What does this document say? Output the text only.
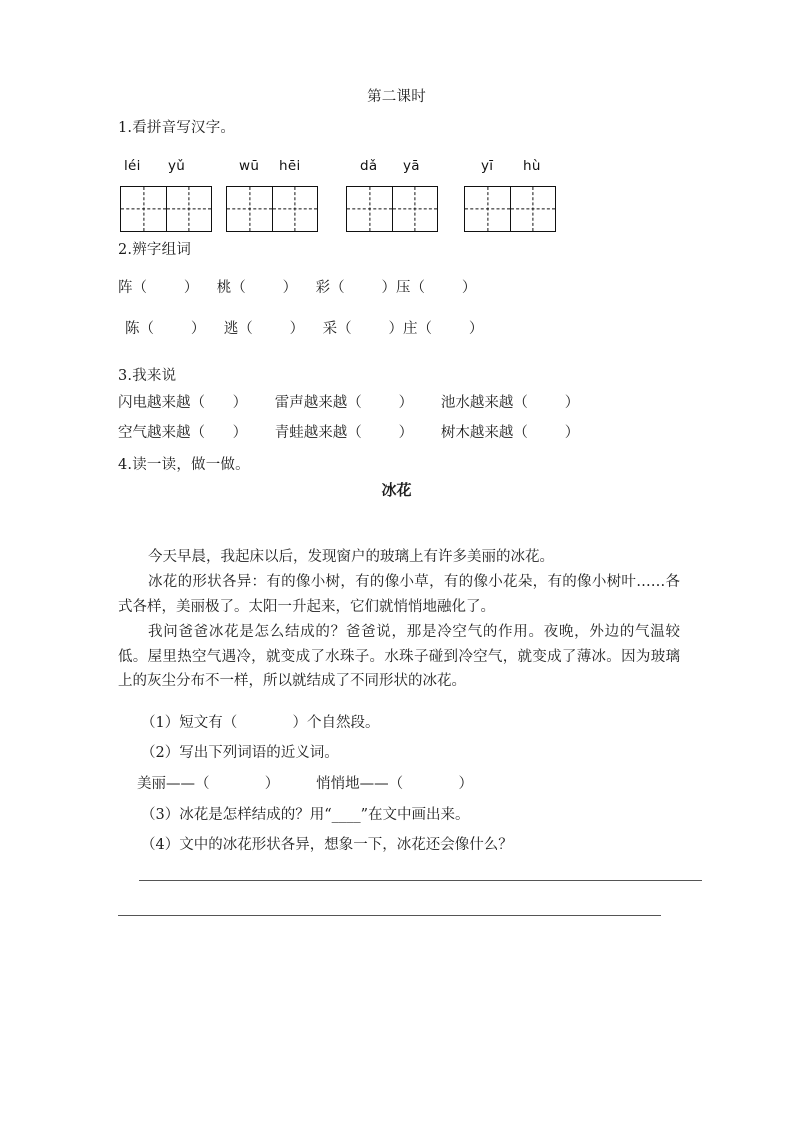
第二课时
1.看拼音写汉字。
léi yǔ	wū hēi	dǎ yā	yī hù
2.辨字组词
阵（        ）    桃（        ）    彩（        ）压（        ）
陈（        ）    逃（        ）    采（        ）庄（        ）
3.我来说
闪电越来越（      ）      雷声越来越（        ）      池水越来越（        ）
空气越来越（      ）      青蛙越来越（        ）      树木越来越（        ）
4.读一读，做一做。
冰花
今天早晨，我起床以后，发现窗户的玻璃上有许多美丽的冰花。
冰花的形状各异：有的像小树，有的像小草，有的像小花朵，有的像小树叶……各式各样，美丽极了。太阳一升起来，它们就悄悄地融化了。
我问爸爸冰花是怎么结成的？爸爸说，那是冷空气的作用。夜晚，外边的气温较低。屋里热空气遇冷，就变成了水珠子。水珠子碰到冷空气，就变成了薄冰。因为玻璃上的灰尘分布不一样，所以就结成了不同形状的冰花。
（1）短文有（            ）个自然段。
（2）写出下列词语的近义词。
美丽——（            ）        悄悄地——（            ）
（3）冰花是怎样结成的？用“____”在文中画出来。
（4）文中的冰花形状各异，想象一下，冰花还会像什么？
